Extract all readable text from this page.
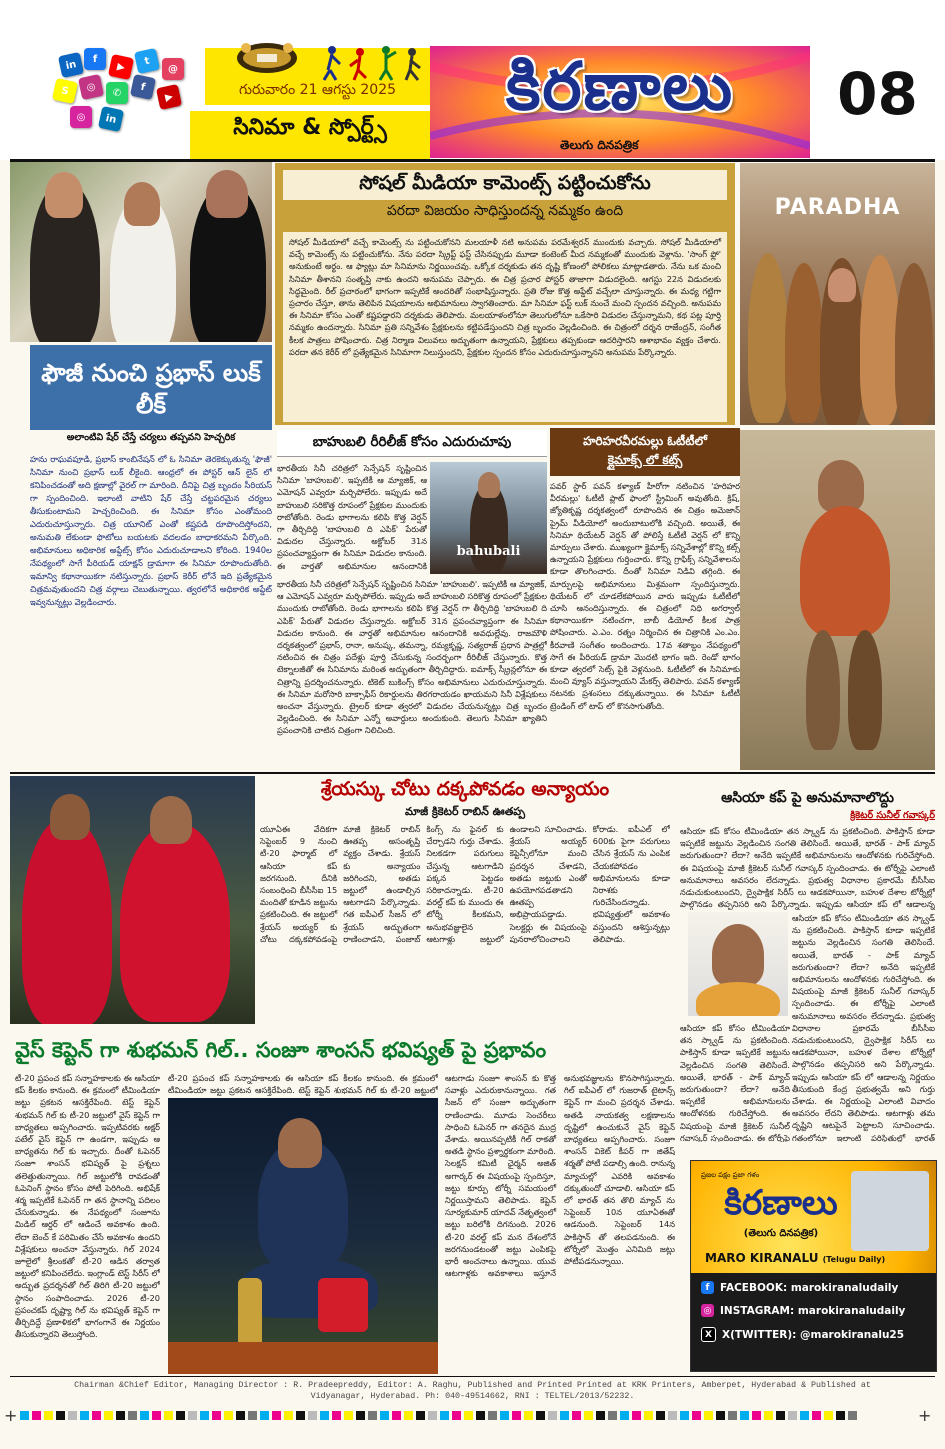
in	f
▶	t
@
S	◎	✆
f
▶
◎	in
గురువారం 21 ఆగస్టు 2025
సినిమా & స్పోర్ట్స్
కిరణాలు
తెలుగు దినపత్రిక
08
సోషల్ మీడియా కామెంట్స్ పట్టించుకోను
పరదా విజయం సాధిస్తుందన్న నమ్మకం ఉంది
సోషల్ మీడియాలో వచ్చే కామెంట్స్ ను పట్టించుకోనని మలయాళీ నటి అనుపమ పరమేశ్వరన్ ముందుకు వచ్చారు. సోషల్ మీడియాలో వచ్చే కామెంట్స్ ను పట్టించుకోను. నేను పరదా స్క్రిప్ట్ ఫస్ట్ చేసినప్పుడు మూడా కంటెంట్ మీద నమ్మకంతో ముందుకు వెళ్లాను. 'సాంగ్ ఫ్లో' అనుకుంటే అర్థం. ఆ ఫ్యాట్లు మా సినిమాను నిర్ణయించవు. ఒక్కోక దర్శకుడు తన దృష్టి కోణంలో పోలికలు మాట్లాడతారు. నేను ఒక మంచి సినిమా తీశానని సంతృప్తి నాకు ఉందని అనుపమ చెప్పారు. ఈ చిత్ర ప్రచార పోస్టర్ తాజాగా విడుదలైంది. ఆగస్టు 22న విడుదలకు సిద్ధమైంది. రీల్ ప్రచారంలో భాగంగా ఇప్పటికే అందరితో సంభాషిస్తున్నారు. ప్రతి రోజు కొత్త అప్డేట్ వచ్చేలా చూస్తున్నారు. ఈ మధ్య గట్టిగా ప్రచారం చేస్తూ, తాను తెలిపిన విషయాలను అభిమానులు స్వాగతించారు. మా సినిమా ఫస్ట్ లుక్ నుంచే మంచి స్పందన వచ్చింది. అనుపమ ఈ సినిమా కోసం ఎంతో కష్టపడ్డారని దర్శకుడు తెలిపారు. మలయాళంలోనూ తెలుగులోనూ ఒకేసారి విడుదల చేస్తున్నామని, కథ పట్ల పూర్తి నమ్మకం ఉందన్నారు. సినిమా ప్రతి సన్నివేశం ప్రేక్షకులను కట్టిపడేస్తుందని చిత్ర బృందం వెల్లడించింది. ఈ చిత్రంలో దర్శన రాజేంద్రన్, సంగీత కీలక పాత్రలు పోషించారు. చిత్ర నిర్మాణ విలువలు అద్భుతంగా ఉన్నాయని, ప్రేక్షకులు తప్పకుండా ఆదరిస్తారని ఆశాభావం వ్యక్తం చేశారు. పరదా తన కెరీర్ లో ప్రత్యేకమైన సినిమాగా నిలుస్తుందని, ప్రేక్షకుల స్పందన కోసం ఎదురుచూస్తున్నానని అనుపమ పేర్కొన్నారు.
PARADHA
ఫౌజీ నుంచి ప్రభాస్ లుక్ లీక్
అలాంటివి షేర్ చేస్తే చర్యలు తప్పవని హెచ్చరిక
హను రాఘవపూడి, ప్రభాస్ కాంబినేషన్ లో ఓ సినిమా తెరకెక్కుతున్న 'ఫౌజీ' సినిమా నుంచి ప్రభాస్ లుక్ లీకైంది. ఆంధ్రలో ఈ పోస్టర్ ఆన్ లైన్ లో కనిపించడంతో అది క్షణాల్లో వైరల్ గా మారింది. దీనిపై చిత్ర బృందం సీరియస్ గా స్పందించింది. ఇలాంటి వాటిని షేర్ చేస్తే చట్టపరమైన చర్యలు తీసుకుంటామని హెచ్చరించింది. ఈ సినిమా కోసం ఎంతోమంది ఎదురుచూస్తున్నారు. చిత్ర యూనిట్ ఎంతో కష్టపడి రూపొందిస్తోందని, అనుమతి లేకుండా ఫొటోలు బయటకు వదలడం బాధాకరమని పేర్కొంది. అభిమానులు అధికారిక అప్డేట్స్ కోసం ఎదురుచూడాలని కోరింది. 1940ల నేపథ్యంలో సాగే పీరియడ్ యాక్షన్ డ్రామాగా ఈ సినిమా రూపొందుతోంది. ఇమాన్వి కథానాయికగా నటిస్తున్నారు. ప్రభాస్ కెరీర్ లోనే ఇది ప్రత్యేకమైన చిత్రమవుతుందని చిత్ర వర్గాలు చెబుతున్నాయి. త్వరలోనే అధికారిక అప్డేట్ ఇవ్వనున్నట్లు వెల్లడించారు.
బాహుబలి రీరిలీజ్ కోసం ఎదురుచూపు
భారతీయ సినీ చరిత్రలో సెన్సేషన్ సృష్టించిన సినిమా 'బాహుబలి'. ఇప్పటికీ ఆ మ్యాజిక్, ఆ ఎమోషన్ ఎవ్వరూ మర్చిపోలేరు. ఇప్పుడు అదే బాహుబలి సరికొత్త రూపంలో ప్రేక్షకుల ముందుకు రాబోతోంది. రెండు భాగాలను కలిపి కొత్త వెర్షన్ గా తీర్చిదిద్ది 'బాహుబలి ది ఎపిక్' పేరుతో విడుదల చేస్తున్నారు. అక్టోబర్ 31న ప్రపంచవ్యాప్తంగా ఈ సినిమా విడుదల కానుంది. ఈ వార్తతో అభిమానుల ఆనందానికి
bahubali
భారతీయ సినీ చరిత్రలో సెన్సేషన్ సృష్టించిన సినిమా 'బాహుబలి'. ఇప్పటికీ ఆ మ్యాజిక్, ఆ ఎమోషన్ ఎవ్వరూ మర్చిపోలేరు. ఇప్పుడు అదే బాహుబలి సరికొత్త రూపంలో ప్రేక్షకుల ముందుకు రాబోతోంది. రెండు భాగాలను కలిపి కొత్త వెర్షన్ గా తీర్చిదిద్ది 'బాహుబలి ది ఎపిక్' పేరుతో విడుదల చేస్తున్నారు. అక్టోబర్ 31న ప్రపంచవ్యాప్తంగా ఈ సినిమా విడుదల కానుంది. ఈ వార్తతో అభిమానుల ఆనందానికి అవధుల్లేవు. రాజమౌళి దర్శకత్వంలో ప్రభాస్, రానా, అనుష్క, తమన్నా, రమ్యకృష్ణ, సత్యరాజ్ ప్రధాన పాత్రల్లో నటించిన ఈ చిత్రం పదేళ్లు పూర్తి చేసుకున్న సందర్భంగా రీరిలీజ్ చేస్తున్నారు. కొత్త టెక్నాలజీతో ఈ సినిమాను మరింత అద్భుతంగా తీర్చిదిద్దారు. ఐమాక్స్ స్క్రీన్లలోనూ ఈ చిత్రాన్ని ప్రదర్శించనున్నారు. టికెట్ బుకింగ్స్ కోసం అభిమానులు ఎదురుచూస్తున్నారు. ఈ సినిమా మరోసారి బాక్సాఫీస్ రికార్డులను తిరగరాయడం ఖాయమని సినీ విశ్లేషకులు అంచనా వేస్తున్నారు. ట్రైలర్ కూడా త్వరలో విడుదల చేయనున్నట్లు చిత్ర బృందం వెల్లడించింది. ఈ సినిమా ఎన్నో అవార్డులు అందుకుంది. తెలుగు సినిమా ఖ్యాతిని ప్రపంచానికి చాటిన చిత్రంగా నిలిచింది.
హరిహరవీరమల్లు ఓటీటీలో
క్లైమాక్స్ లో కట్స్
పవర్ స్టార్ పవన్ కళ్యాణ్ హీరోగా నటించిన 'హరిహర వీరమల్లు' ఓటీటీ ప్లాట్ ఫాంలో స్ట్రీమింగ్ అవుతోంది. క్రిష్, జ్యోతికృష్ణ దర్శకత్వంలో రూపొందిన ఈ చిత్రం అమెజాన్ ప్రైమ్ వీడియోలో అందుబాటులోకి వచ్చింది. అయితే, ఈ సినిమా థియేటర్ వెర్షన్ తో పోలిస్తే ఓటీటీ వెర్షన్ లో కొన్ని మార్పులు చేశారు. ముఖ్యంగా క్లైమాక్స్ సన్నివేశాల్లో కొన్ని కట్స్ ఉన్నాయని ప్రేక్షకులు గుర్తించారు. కొన్ని గ్రాఫిక్స్ సన్నివేశాలను కూడా తొలగించారు. దీంతో సినిమా నిడివి తగ్గింది. ఈ మార్పులపై అభిమానులు మిశ్రమంగా స్పందిస్తున్నారు. థియేటర్ లో చూడలేకపోయిన వారు ఇప్పుడు ఓటీటీలో చూసి ఆనందిస్తున్నారు. ఈ చిత్రంలో నిధి అగర్వాల్ కథానాయికగా నటించగా, బాబీ డియోల్ కీలక పాత్ర పోషించారు. ఎ.ఎం. రత్నం నిర్మించిన ఈ చిత్రానికి ఎం.ఎం. కీరవాణి సంగీతం అందించారు. 17వ శతాబ్దం నేపథ్యంలో సాగే ఈ పీరియడ్ డ్రామా మొదటి భాగం ఇది. రెండో భాగం కూడా త్వరలో సెట్స్ పైకి వెళ్లనుంది. ఓటీటీలో ఈ సినిమాకు మంచి వ్యూస్ వస్తున్నాయని మేకర్స్ తెలిపారు. పవన్ కళ్యాణ్ నటనకు ప్రశంసలు దక్కుతున్నాయి. ఈ సినిమా ఓటీటీ ట్రెండింగ్ లో టాప్ లో కొనసాగుతోంది.
శ్రేయస్కు చోటు దక్కపోవడం అన్యాయం
మాజీ క్రికెటర్ రాబిన్ ఊతప్ప
యూఏఈ వేదికగా సెప్టెంబర్ 9 నుంచి టీ-20 ఫార్మాట్ లో ఆసియా కప్ జరగనుంది. దీనికి సంబంధించి బీసీసీఐ 15 మందితో కూడిన జట్టును ప్రకటించింది. ఈ జట్టులో శ్రేయస్ అయ్యర్ కు చోటు దక్కకపోవడంపై మాజీ క్రికెటర్ రాబిన్ ఊతప్ప అసంతృప్తి వ్యక్తం చేశాడు. శ్రేయస్ కు అన్యాయం జరిగిందని, అతడు జట్టులో ఉండాల్సిన ఆటగాడని పేర్కొన్నాడు. గత ఐపీఎల్ సీజన్ లో శ్రేయస్ అద్భుతంగా రాణించాడని, పంజాబ్ కింగ్స్ ను ఫైనల్ కు చేర్చాడని గుర్తు చేశాడు. నిలకడగా పరుగులు చేస్తున్న ఆటగాడిని పక్కన పెట్టడం సరికాదన్నాడు. టీ-20 వరల్డ్ కప్ కు ముందు ఈ టోర్నీ కీలకమని, అనుభవజ్ఞులైన ఆటగాళ్లు జట్టులో ఉండాలని సూచించాడు. శ్రేయస్ అయ్యర్ కెప్టెన్సీలోనూ మంచి ప్రదర్శన చేశాడని, అతడు జట్టుకు ఎంతో ఉపయోగపడతాడని ఊతప్ప అభిప్రాయపడ్డాడు. సెలక్టర్లు ఈ విషయంపై పునరాలోచించాలని కోరాడు. ఐపీఎల్ లో 600కు పైగా పరుగులు చేసిన శ్రేయస్ ను ఎంపిక చేయకపోవడం అభిమానులను కూడా నిరాశకు గురిచేసిందన్నాడు. భవిష్యత్తులో అవకాశం వస్తుందని ఆశిస్తున్నట్లు తెలిపాడు.
ఆసియా కప్ పై అనుమానాలొద్దు
క్రికెటర్ సునీల్ గవాస్కర్
ఆసియా కప్ కోసం టీమిండియా తన స్క్వాడ్ ను ప్రకటించింది. పాకిస్తాన్ కూడా ఇప్పటికే జట్టును వెల్లడించిన సంగతి తెలిసిందే. అయితే, భారత్ - పాక్ మ్యాచ్ జరుగుతుందా? లేదా? అనేది ఇప్పటికే అభిమానులను ఆందోళనకు గురిచేస్తోంది. ఈ విషయంపై మాజీ క్రికెటర్ సునీల్ గవాస్కర్ స్పందించాడు. ఈ టోర్నీపై ఎలాంటి అనుమానాలు అవసరం లేదన్నాడు. ప్రభుత్వ విధానాల ప్రకారమే బీసీసీఐ నడుచుకుంటుందని, ద్వైపాక్షిక సిరీస్ లు ఆడకపోయినా, బహుళ దేశాల టోర్నీల్లో పాల్గొనడం తప్పనిసరి అని పేర్కొన్నాడు. ఇప్పుడు ఆసియా కప్ లో ఆడాలన్న
ఆసియా కప్ కోసం టీమిండియా తన స్క్వాడ్ ను ప్రకటించింది. పాకిస్తాన్ కూడా ఇప్పటికే జట్టును వెల్లడించిన సంగతి తెలిసిందే. అయితే, భారత్ - పాక్ మ్యాచ్ జరుగుతుందా? లేదా? అనేది ఇప్పటికే అభిమానులను ఆందోళనకు గురిచేస్తోంది. ఈ విషయంపై మాజీ క్రికెటర్ సునీల్ గవాస్కర్ స్పందించాడు. ఈ టోర్నీపై ఎలాంటి అనుమానాలు అవసరం లేదన్నాడు. ప్రభుత్వ విధానాల ప్రకారమే బీసీసీఐ నడుచుకుంటుందని, ద్వైపాక్షిక సిరీస్ లు ఆడకపోయినా, బహుళ దేశాల టోర్నీల్లో పాల్గొనడం తప్పనిసరి అని పేర్కొన్నాడు. ఇప్పుడు ఆసియా కప్ లో ఆడాలన్న నిర్ణయం తీసుకుంది కేంద్ర ప్రభుత్వమే అని గుర్తు చేశాడు. ఈ నిర్ణయంపై ఎలాంటి వివాదం అవసరం లేదని తెలిపాడు. ఆటగాళ్లు తమ దృష్టిని ఆటపైనే పెట్టాలని సూచించాడు. గతంలోనూ ఇలాంటి పరిస్థితుల్లో భారత్
ఆసియా కప్ కోసం టీమిండియా తన స్క్వాడ్ ను ప్రకటించింది. పాకిస్తాన్ కూడా ఇప్పటికే జట్టును వెల్లడించిన సంగతి తెలిసిందే. అయితే, భారత్ - పాక్ మ్యాచ్ జరుగుతుందా? లేదా? అనేది ఇప్పటికే అభిమానులను ఆందోళనకు గురిచేస్తోంది. ఈ విషయంపై మాజీ క్రికెటర్ సునీల్ గవాస్కర్ స్పందించాడు. ఈ టోర్నీపై
వైస్ కెప్టెన్ గా శుభమన్ గిల్.. సంజూ శాంసన్ భవిష్యత్ పై ప్రభావం
టీ-20 ప్రపంచ కప్ సన్నాహకాలకు ఈ ఆసియా కప్ కీలకం కానుంది. ఈ క్రమంలో టీమిండియా జట్టు ప్రకటన ఆసక్తిరేపింది. టెస్ట్ కెప్టెన్ శుభమన్ గిల్ కు టీ-20 జట్టులో వైస్ కెప్టెన్ గా బాధ్యతలు అప్పగించారు. ఇప్పటివరకు అక్షర్ పటేల్ వైస్ కెప్టెన్ గా ఉండగా, ఇప్పుడు ఆ బాధ్యతను గిల్ కు ఇచ్చారు. దీంతో ఓపెనర్ సంజూ శాంసన్ భవిష్యత్ పై ప్రశ్నలు తలెత్తుతున్నాయి. గిల్ జట్టులోకి రావడంతో ఓపెనింగ్ స్థానం కోసం పోటీ పెరిగింది. అభిషేక్ శర్మ ఇప్పటికే ఓపెనర్ గా తన స్థానాన్ని పదిలం చేసుకున్నాడు. ఈ నేపథ్యంలో సంజూను మిడిల్ ఆర్డర్ లో ఆడించే అవకాశం ఉంది. లేదా బెంచ్ కే పరిమితం చేసే అవకాశం ఉందని విశ్లేషకులు అంచనా వేస్తున్నారు. గిల్ 2024 జూలైలో శ్రీలంకతో టీ-20 ఆడిన తర్వాత జట్టులో కనిపించలేదు. ఇంగ్లాండ్ టెస్ట్ సిరీస్ లో అద్భుత ప్రదర్శనతో గిల్ తిరిగి టీ-20 జట్టులో స్థానం సంపాదించాడు. 2026 టీ-20 ప్రపంచకప్ దృష్ట్యా గిల్ ను భవిష్యత్ కెప్టెన్ గా తీర్చిదిద్దే ప్రణాళికలో భాగంగానే ఈ నిర్ణయం తీసుకున్నారని తెలుస్తోంది.
టీ-20 ప్రపంచ కప్ సన్నాహకాలకు ఈ ఆసియా కప్ కీలకం కానుంది. ఈ క్రమంలో టీమిండియా జట్టు ప్రకటన ఆసక్తిరేపింది. టెస్ట్ కెప్టెన్ శుభమన్ గిల్ కు టీ-20 జట్టులో
ఆటగాడు సంజూ శాంసన్ కు కొత్త సవాళ్లు ఎదురుకానున్నాయి. గత సీజన్ లో సంజూ అద్భుతంగా రాణించాడు. మూడు సెంచరీలు సాధించి ఓపెనర్ గా తనదైన ముద్ర వేశాడు. అయినప్పటికీ గిల్ రాకతో అతడి స్థానం ప్రశ్నార్థకంగా మారింది. సెలక్షన్ కమిటీ ఛైర్మన్ అజిత్ అగార్కర్ ఈ విషయంపై స్పందిస్తూ, జట్టు కూర్పు టోర్నీ సమయంలో నిర్ణయిస్తామని తెలిపాడు. కెప్టెన్ సూర్యకుమార్ యాదవ్ నేతృత్వంలో జట్టు బరిలోకి దిగనుంది. 2026 టీ-20 వరల్డ్ కప్ మన దేశంలోనే జరగనుండటంతో జట్టు ఎంపికపై భారీ అంచనాలు ఉన్నాయి. యువ ఆటగాళ్లకు అవకాశాలు ఇస్తూనే అనుభవజ్ఞులను కొనసాగిస్తున్నారు. గిల్ ఐపీఎల్ లో గుజరాత్ టైటాన్స్ కెప్టెన్ గా మంచి ప్రదర్శన చేశాడు. అతడి నాయకత్వ లక్షణాలను దృష్టిలో ఉంచుకునే వైస్ కెప్టెన్ బాధ్యతలు అప్పగించారు. సంజూ శాంసన్ వికెట్ కీపర్ గా జితేష్ శర్మతో పోటీ పడాల్సి ఉంది. రానున్న మ్యాచుల్లో ఎవరికి అవకాశం దక్కుతుందో చూడాలి. ఆసియా కప్ లో భారత్ తన తొలి మ్యాచ్ ను సెప్టెంబర్ 10న యూఏఈతో ఆడనుంది. సెప్టెంబర్ 14న పాకిస్తాన్ తో తలపడనుంది. ఈ టోర్నీలో మొత్తం ఎనిమిది జట్లు పోటీపడనున్నాయి.
ప్రజల పక్షం ప్రజా గళం
కిరణాలు
(తెలుగు దినపత్రిక)
MARO KIRANALU (Telugu Daily)
f	FACEBOOK: marokiranaludaily
◎ INSTAGRAM: marokiranaludaily
X X(TWITTER): @marokiranalu25
Chairman &Chief Editor, Managing Director : R. Pradeepreddy, Editor: A. Raghu, Published and Printed Printed at KRK Printers, Amberpet, Hyderabad & Published at
Vidyanagar, Hyderabad. Ph: 040-49514662, RNI : TELTEL/2013/52232.
+	+
